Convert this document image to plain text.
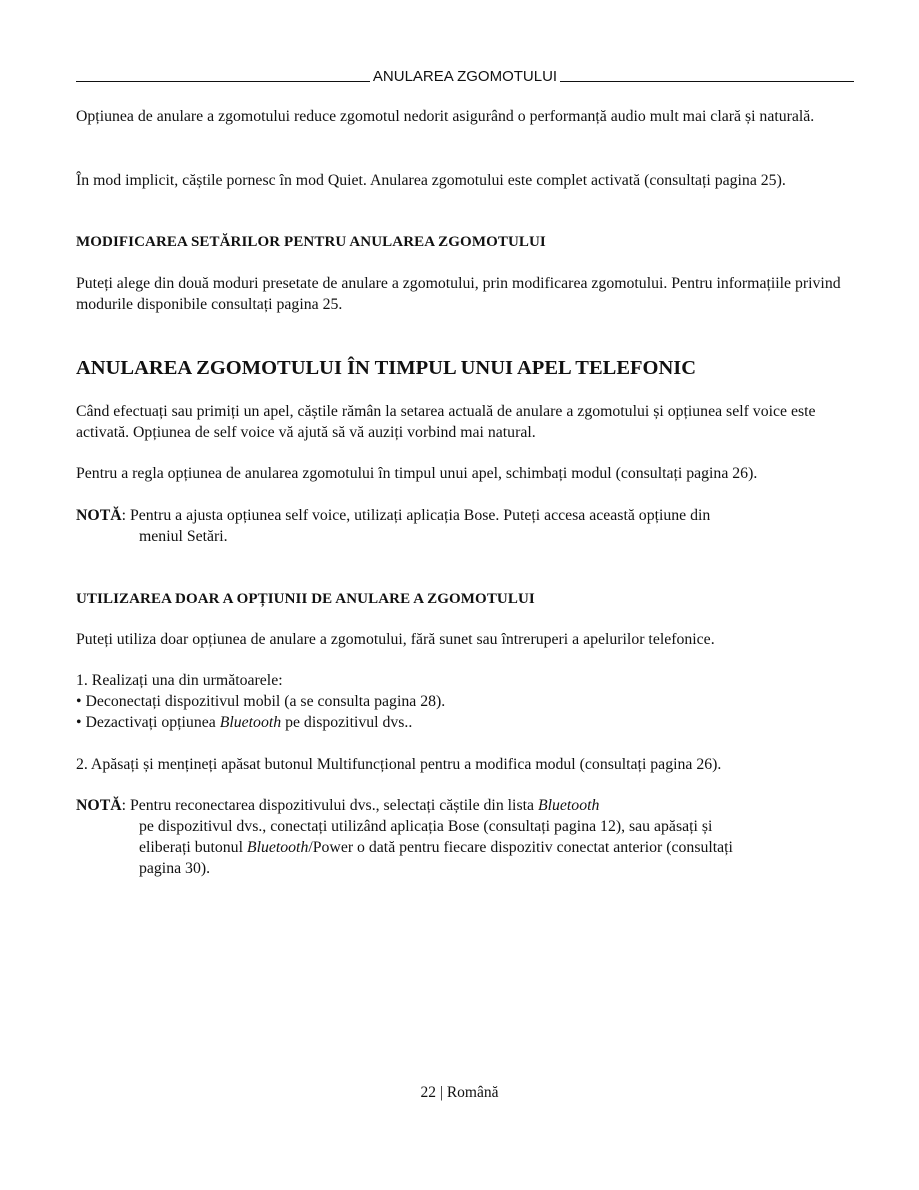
ANULAREA ZGOMOTULUI

Opțiunea de anulare a zgomotului reduce zgomotul nedorit asigurând o performanță audio mult mai clară și naturală.

În mod implicit, căștile pornesc în mod Quiet. Anularea zgomotului este complet activată (consultați pagina 25).

MODIFICAREA SETĂRILOR PENTRU ANULAREA ZGOMOTULUI

Puteți alege din două moduri presetate de anulare a zgomotului, prin modificarea zgomotului. Pentru informațiile privind modurile disponibile consultați pagina 25.

ANULAREA ZGOMOTULUI ÎN TIMPUL UNUI APEL TELEFONIC

Când efectuați sau primiți un apel, căștile rămân la setarea actuală de anulare a zgomotului și opțiunea self voice este activată. Opțiunea de self voice vă ajută să vă auziți vorbind mai natural.

Pentru a regla opțiunea de anularea zgomotului în timpul unui apel, schimbați modul (consultați pagina 26).

NOTĂ: Pentru a ajusta opțiunea self voice, utilizați aplicația Bose. Puteți accesa această opțiune din
meniul Setări.
UTILIZAREA DOAR A OPȚIUNII DE ANULARE A ZGOMOTULUI

Puteți utiliza doar opțiunea de anulare a zgomotului, fără sunet sau întreruperi a apelurilor telefonice.

1. Realizați una din următoarele:
• Deconectați dispozitivul mobil (a se consulta pagina 28).
• Dezactivați opțiunea Bluetooth pe dispozitivul dvs..

2. Apăsați și mențineți apăsat butonul Multifuncțional pentru a modifica modul (consultați pagina 26).

NOTĂ: Pentru reconectarea dispozitivului dvs., selectați căștile din lista Bluetooth
pe dispozitivul dvs., conectați utilizând aplicația Bose (consultați pagina 12), sau apăsați și
eliberați butonul Bluetooth/Power o dată pentru fiecare dispozitiv conectat anterior (consultați
pagina 30).
22 | Română
